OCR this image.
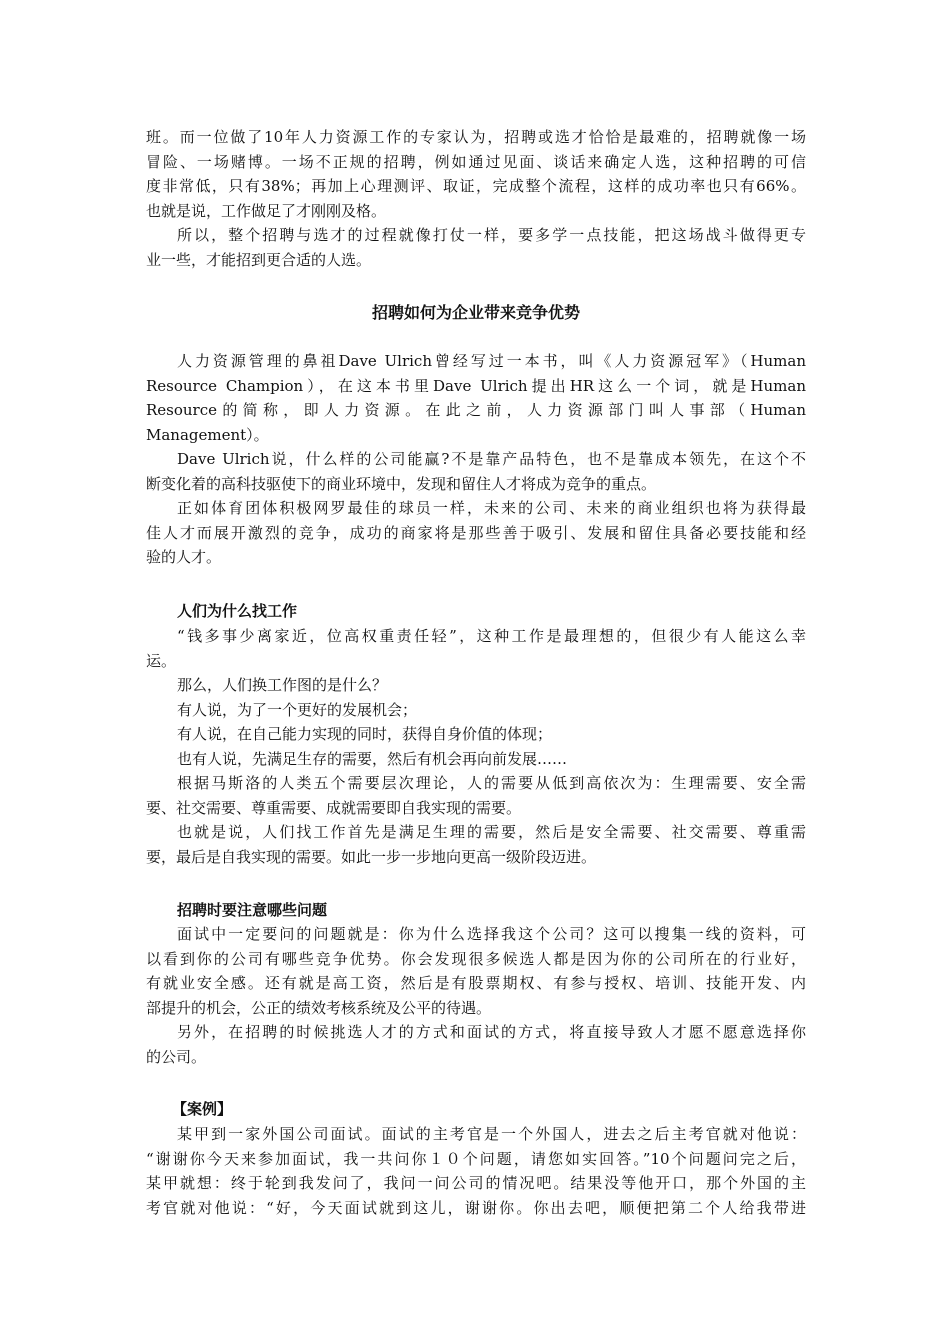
班。而一位做了10年人力资源工作的专家认为，招聘或选才恰恰是最难的，招聘就像一场
冒险、一场赌博。一场不正规的招聘，例如通过见面、谈话来确定人选，这种招聘的可信
度非常低，只有38%；再加上心理测评、取证，完成整个流程，这样的成功率也只有66%。
也就是说，工作做足了才刚刚及格。
所以，整个招聘与选才的过程就像打仗一样，要多学一点技能，把这场战斗做得更专
业一些，才能招到更合适的人选。
招聘如何为企业带来竞争优势
人力资源管理的鼻祖Dave Ulrich曾经写过一本书，叫《人力资源冠军》（Human
Resource Champion），在这本书里Dave Ulrich提出HR这么一个词，就是Human
Resource的简称，即人力资源。在此之前，人力资源部门叫人事部（Human
Management）。
Dave Ulrich说，什么样的公司能赢?不是靠产品特色，也不是靠成本领先，在这个不
断变化着的高科技驱使下的商业环境中，发现和留住人才将成为竞争的重点。
正如体育团体积极网罗最佳的球员一样，未来的公司、未来的商业组织也将为获得最
佳人才而展开激烈的竞争，成功的商家将是那些善于吸引、发展和留住具备必要技能和经
验的人才。
人们为什么找工作
“钱多事少离家近，位高权重责任轻”，这种工作是最理想的，但很少有人能这么幸
运。
那么，人们换工作图的是什么？
有人说，为了一个更好的发展机会；
有人说，在自己能力实现的同时，获得自身价值的体现；
也有人说，先满足生存的需要，然后有机会再向前发展……
根据马斯洛的人类五个需要层次理论，人的需要从低到高依次为：生理需要、安全需
要、社交需要、尊重需要、成就需要即自我实现的需要。
也就是说，人们找工作首先是满足生理的需要，然后是安全需要、社交需要、尊重需
要，最后是自我实现的需要。如此一步一步地向更高一级阶段迈进。
招聘时要注意哪些问题
面试中一定要问的问题就是：你为什么选择我这个公司？这可以搜集一线的资料，可
以看到你的公司有哪些竞争优势。你会发现很多候选人都是因为你的公司所在的行业好，
有就业安全感。还有就是高工资，然后是有股票期权、有参与授权、培训、技能开发、内
部提升的机会，公正的绩效考核系统及公平的待遇。
另外，在招聘的时候挑选人才的方式和面试的方式，将直接导致人才愿不愿意选择你
的公司。
【案例】
某甲到一家外国公司面试。面试的主考官是一个外国人，进去之后主考官就对他说：
“谢谢你今天来参加面试，我一共问你１０个问题，请您如实回答。”10个问题问完之后，
某甲就想：终于轮到我发问了，我问一问公司的情况吧。结果没等他开口，那个外国的主
考官就对他说：“好，今天面试就到这儿，谢谢你。你出去吧，顺便把第二个人给我带进
